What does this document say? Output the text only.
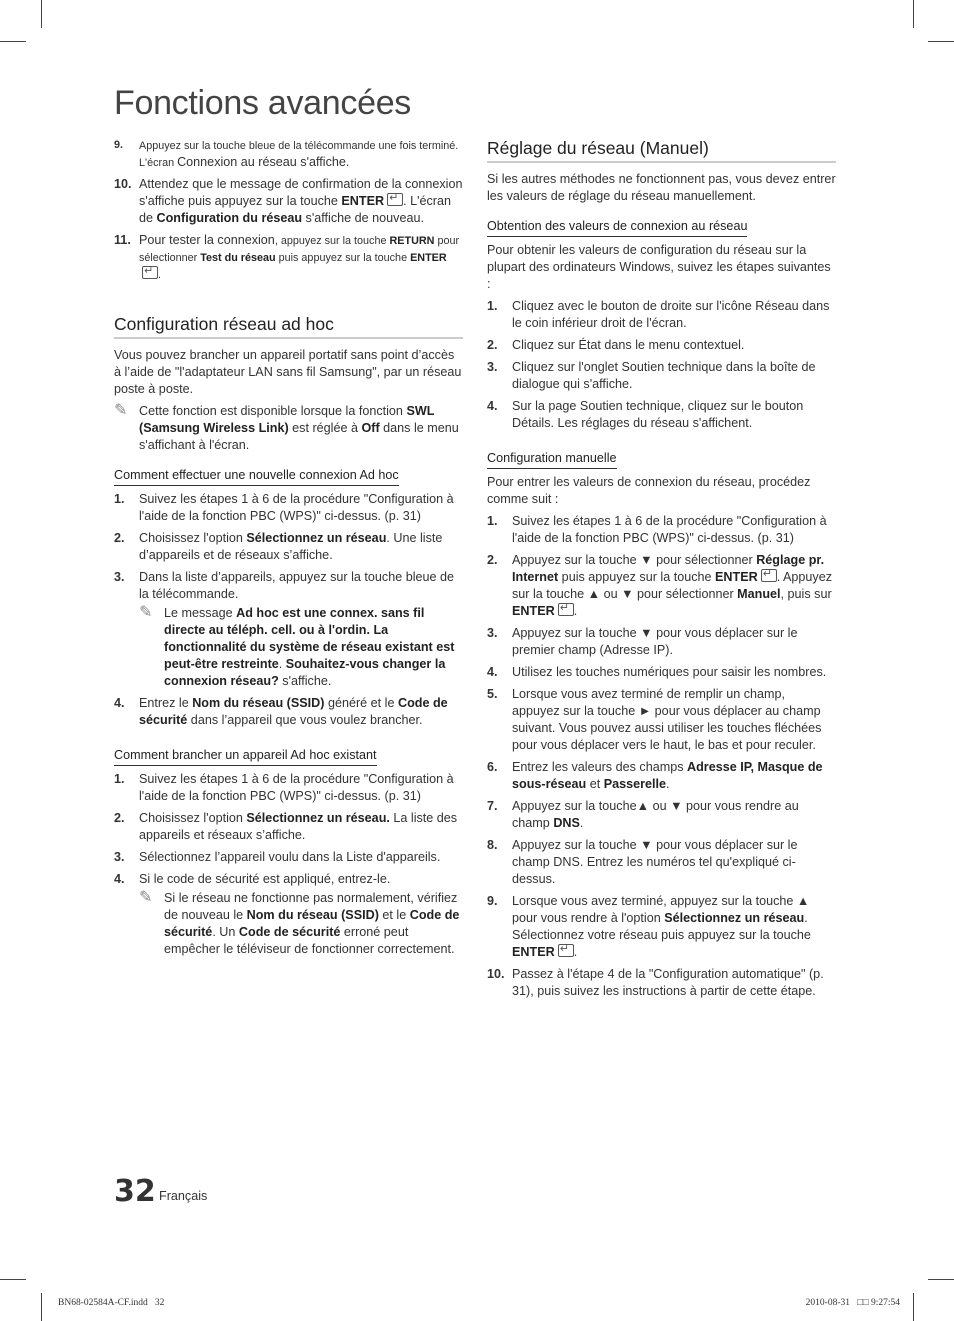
Fonctions avancées
9.	Appuyez sur la touche bleue de la télécommande une fois terminé. L'écran Connexion au réseau s'affiche.
10. Attendez que le message de confirmation de la connexion s'affiche puis appuyez sur la touche ENTER ↵ . L'écran de Configuration du réseau s'affiche de nouveau.
11. Pour tester la connexion, appuyez sur la touche RETURN pour sélectionner Test du réseau puis appuyez sur la touche ENTER↵.
Configuration réseau ad hoc

Vous pouvez brancher un appareil portatif sans point d’accès à l’aide de "l'adaptateur LAN sans fil Samsung", par un réseau poste à poste.

✎ Cette fonction est disponible lorsque la fonction SWL (Samsung Wireless Link) est réglée à Off dans le menu s'affichant à l'écran.
Comment effectuer une nouvelle connexion Ad hoc
1.	Suivez les étapes 1 à 6 de la procédure "Configuration à l'aide de la fonction PBC (WPS)" ci-dessus. (p. 31)
2.	Choisissez l'option Sélectionnez un réseau. Une liste d’appareils et de réseaux s’affiche.
3.	Dans la liste d’appareils, appuyez sur la touche bleue de la télécommande.
✎ Le message Ad hoc est une connex. sans fil directe au téléph. cell. ou à l'ordin. La fonctionnalité du système de réseau existant est peut-être restreinte. Souhaitez-vous changer la connexion réseau? s'affiche.
4.	Entrez le Nom du réseau (SSID) généré et le Code de sécurité dans l’appareil que vous voulez brancher.
Comment brancher un appareil Ad hoc existant
1.	Suivez les étapes 1 à 6 de la procédure "Configuration à l'aide de la fonction PBC (WPS)" ci-dessus. (p. 31)
2.	Choisissez l'option Sélectionnez un réseau. La liste des appareils et réseaux s’affiche.
3.	Sélectionnez l’appareil voulu dans la Liste d'appareils.
4.	Si le code de sécurité est appliqué, entrez-le.
✎ Si le réseau ne fonctionne pas normalement, vérifiez de nouveau le Nom du réseau (SSID) et le Code de sécurité. Un Code de sécurité erroné peut empêcher le téléviseur de fonctionner correctement.
Réglage du réseau (Manuel)

Si les autres méthodes ne fonctionnent pas, vous devez entrer les valeurs de réglage du réseau manuellement.

Obtention des valeurs de connexion au réseau

Pour obtenir les valeurs de configuration du réseau sur la plupart des ordinateurs Windows, suivez les étapes suivantes :

1.	Cliquez avec le bouton de droite sur l'icône Réseau dans le coin inférieur droit de l'écran.
2.	Cliquez sur État dans le menu contextuel.
3.	Cliquez sur l'onglet Soutien technique dans la boîte de dialogue qui s'affiche.
4.	Sur la page Soutien technique, cliquez sur le bouton Détails. Les réglages du réseau s'affichent.
Configuration manuelle

Pour entrer les valeurs de connexion du réseau, procédez comme suit :

1.	Suivez les étapes 1 à 6 de la procédure "Configuration à l'aide de la fonction PBC (WPS)" ci-dessus. (p. 31)
2.	Appuyez sur la touche ▼ pour sélectionner Réglage pr. Internet puis appuyez sur la touche ENTER ↵ . Appuyez sur la touche ▲ ou ▼ pour sélectionner Manuel, puis sur ENTER ↵ .
3.	Appuyez sur la touche ▼ pour vous déplacer sur le premier champ (Adresse IP).
4.	Utilisez les touches numériques pour saisir les nombres.
5.	Lorsque vous avez terminé de remplir un champ, appuyez sur la touche ► pour vous déplacer au champ suivant. Vous pouvez aussi utiliser les touches fléchées pour vous déplacer vers le haut, le bas et pour reculer.
6.	Entrez les valeurs des champs Adresse IP, Masque de sous-réseau et Passerelle.
7.	Appuyez sur la touche▲ ou ▼ pour vous rendre au champ DNS.
8.	Appuyez sur la touche ▼ pour vous déplacer sur le champ DNS. Entrez les numéros tel qu'expliqué ci-dessus.
9.	Lorsque vous avez terminé, appuyez sur la touche ▲ pour vous rendre à l'option Sélectionnez un réseau. Sélectionnez votre réseau puis appuyez sur la touche ENTER ↵ .
10. Passez à l'étape 4 de la "Configuration automatique" (p. 31), puis suivez les instructions à partir de cette étape.
32 Français
BN68-02584A-CF.indd   32	2010-08-31   □□ 9:27:54
